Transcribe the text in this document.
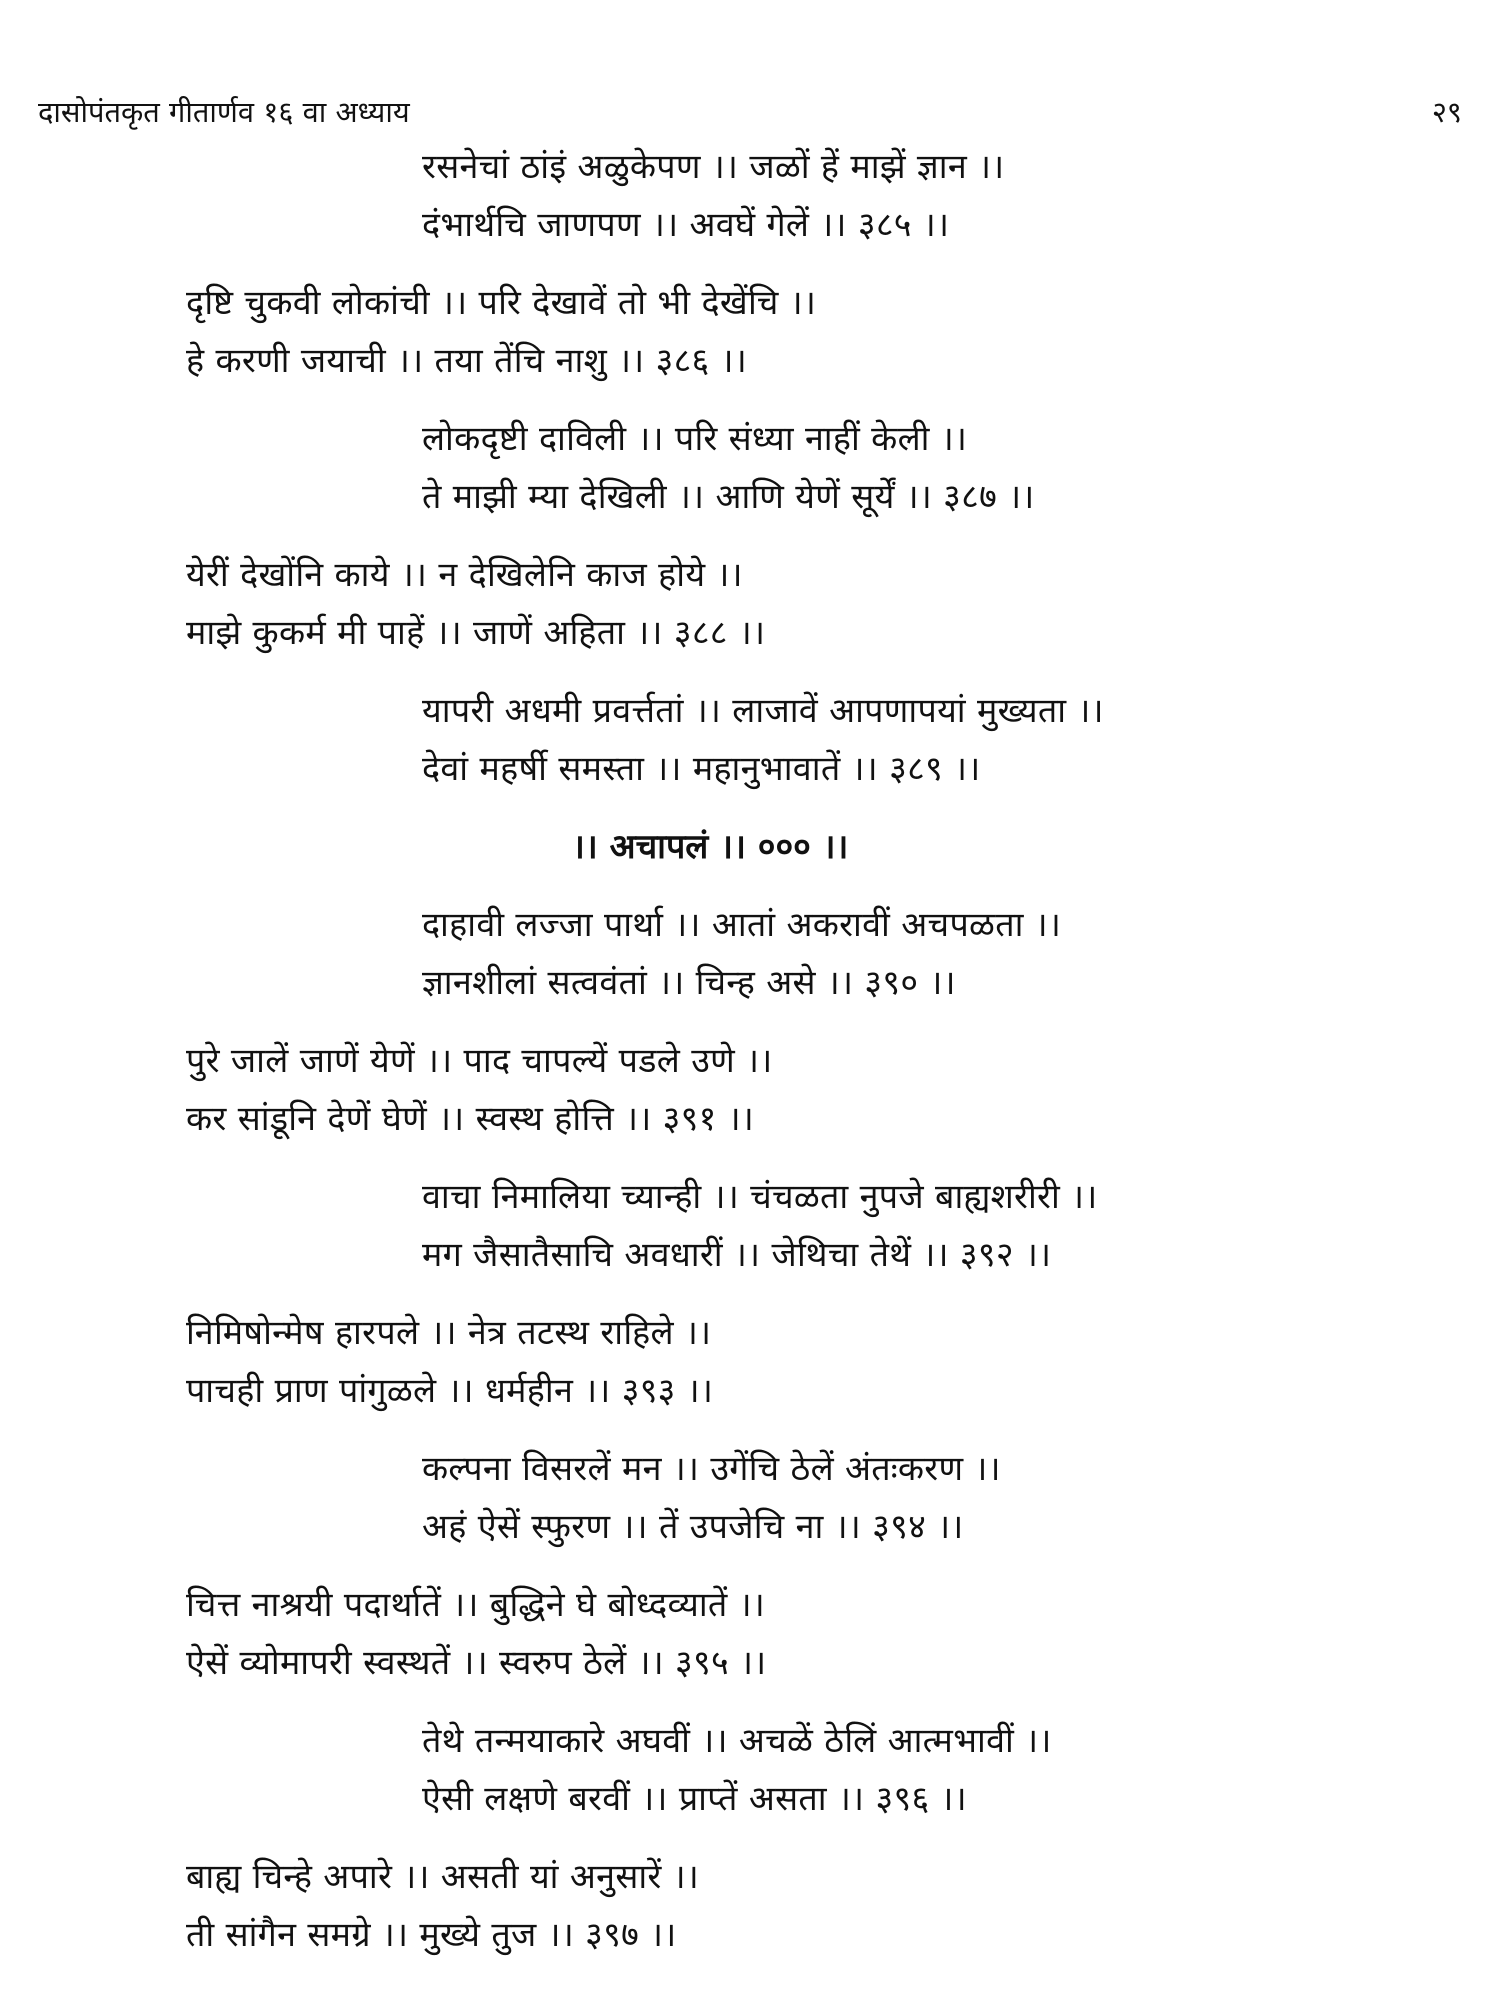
दासोपंतकृत गीतार्णव १६ वा अध्याय	२९
रसनेचां ठांइं अळुकेपण ।। जळों हें माझें ज्ञान ।।
दंभार्थचि जाणपण ।। अवघें गेलें ।। ३८५ ।।
दृष्टि चुकवी लोकांची ।। परि देखावें तो भी देखेंचि ।।
हे करणी जयाची ।। तया तेंचि नाशु ।। ३८६ ।।
लोकदृष्टी दाविली ।। परि संध्या नाहीं केली ।।
ते माझी म्या देखिली ।। आणि येणें सूर्यें ।। ३८७ ।।
येरीं देखोंनि काये ।। न देखिलेनि काज होये ।।
माझे कुकर्म मी पाहें ।। जाणें अहिता ।। ३८८ ।।
यापरी अधमी प्रवर्त्ततां ।। लाजावें आपणापयां मुख्यता ।।
देवां महर्षी समस्ता ।। महानुभावातें ।। ३८९ ।।
।। अचापलं ।। ००० ।।
दाहावी लज्जा पार्था ।। आतां अकरावीं अचपळता ।।
ज्ञानशीलां सत्ववंतां ।। चिन्ह असे ।। ३९० ।।
पुरे जालें जाणें येणें ।। पाद चापल्यें पडले उणे ।।
कर सांडूनि देणें घेणें ।। स्वस्थ होत्ति ।। ३९१ ।।
वाचा निमालिया च्यान्ही ।। चंचळता नुपजे बाह्यशरीरी ।।
मग जैसातैसाचि अवधारीं ।। जेथिचा तेथें ।। ३९२ ।।
निमिषोन्मेष हारपले ।। नेत्र तटस्थ राहिले ।।
पाचही प्राण पांगुळले ।। धर्महीन ।। ३९३ ।।
कल्पना विसरलें मन ।। उगेंचि ठेलें अंतःकरण ।।
अहं ऐसें स्फुरण ।। तें उपजेचि ना ।। ३९४ ।।
चित्त नाश्रयी पदार्थातें ।। बुद्धिने घे बोध्दव्यातें ।।
ऐसें व्योमापरी स्वस्थतें ।। स्वरुप ठेलें ।। ३९५ ।।
तेथे तन्मयाकारे अघवीं ।। अचळें ठेलिं आत्मभावीं ।।
ऐसी लक्षणे बरवीं ।। प्राप्तें असता ।। ३९६ ।।
बाह्य चिन्हे अपारे ।। असती यां अनुसारें ।।
ती सांगैन समग्रे ।। मुख्ये तुज ।। ३९७ ।।
